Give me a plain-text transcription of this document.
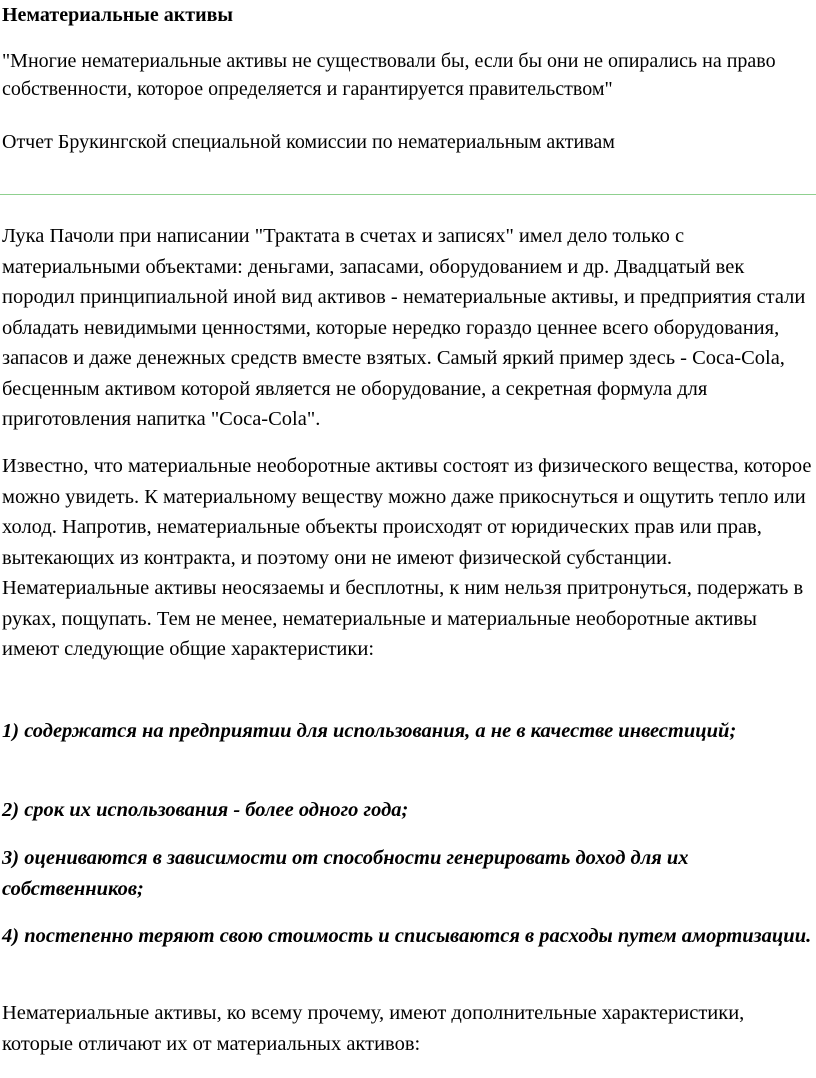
Нематериальные активы

"Многие нематериальные активы не существовали бы, если бы они не опирались на право собственности, которое определяется и гарантируется правительством"

Отчет Брукингской специальной комиссии по нематериальным активам

Лука Пачоли при написании "Трактата в счетах и записях" имел дело только с материальными объектами: деньгами, запасами, оборудованием и др. Двадцатый век породил принципиальной иной вид активов - нематериальные активы, и предприятия стали обладать невидимыми ценностями, которые нередко гораздо ценнее всего оборудования, запасов и даже денежных средств вместе взятых. Самый яркий пример здесь - Coca-Cola, бесценным активом которой является не оборудование, а секретная формула для приготовления напитка "Coca-Cola".

Известно, что материальные необоротные активы состоят из физического вещества, которое можно увидеть. К материальному веществу можно даже прикоснуться и ощутить тепло или холод. Напротив, нематериальные объекты происходят от юридических прав или прав, вытекающих из контракта, и поэтому они не имеют физической субстанции. Нематериальные активы неосязаемы и бесплотны, к ним нельзя притронуться, подержать в руках, пощупать. Тем не менее, нематериальные и материальные необоротные активы имеют следующие общие характеристики:

1) содержатся на предприятии для использования, а не в качестве инвестиций;

2) срок их использования - более одного года;

3) оцениваются в зависимости от способности генерировать доход для их собственников;

4) постепенно теряют свою стоимость и списываются в расходы путем амортизации.

Нематериальные активы, ко всему прочему, имеют дополнительные характеристики, которые отличают их от материальных активов:
